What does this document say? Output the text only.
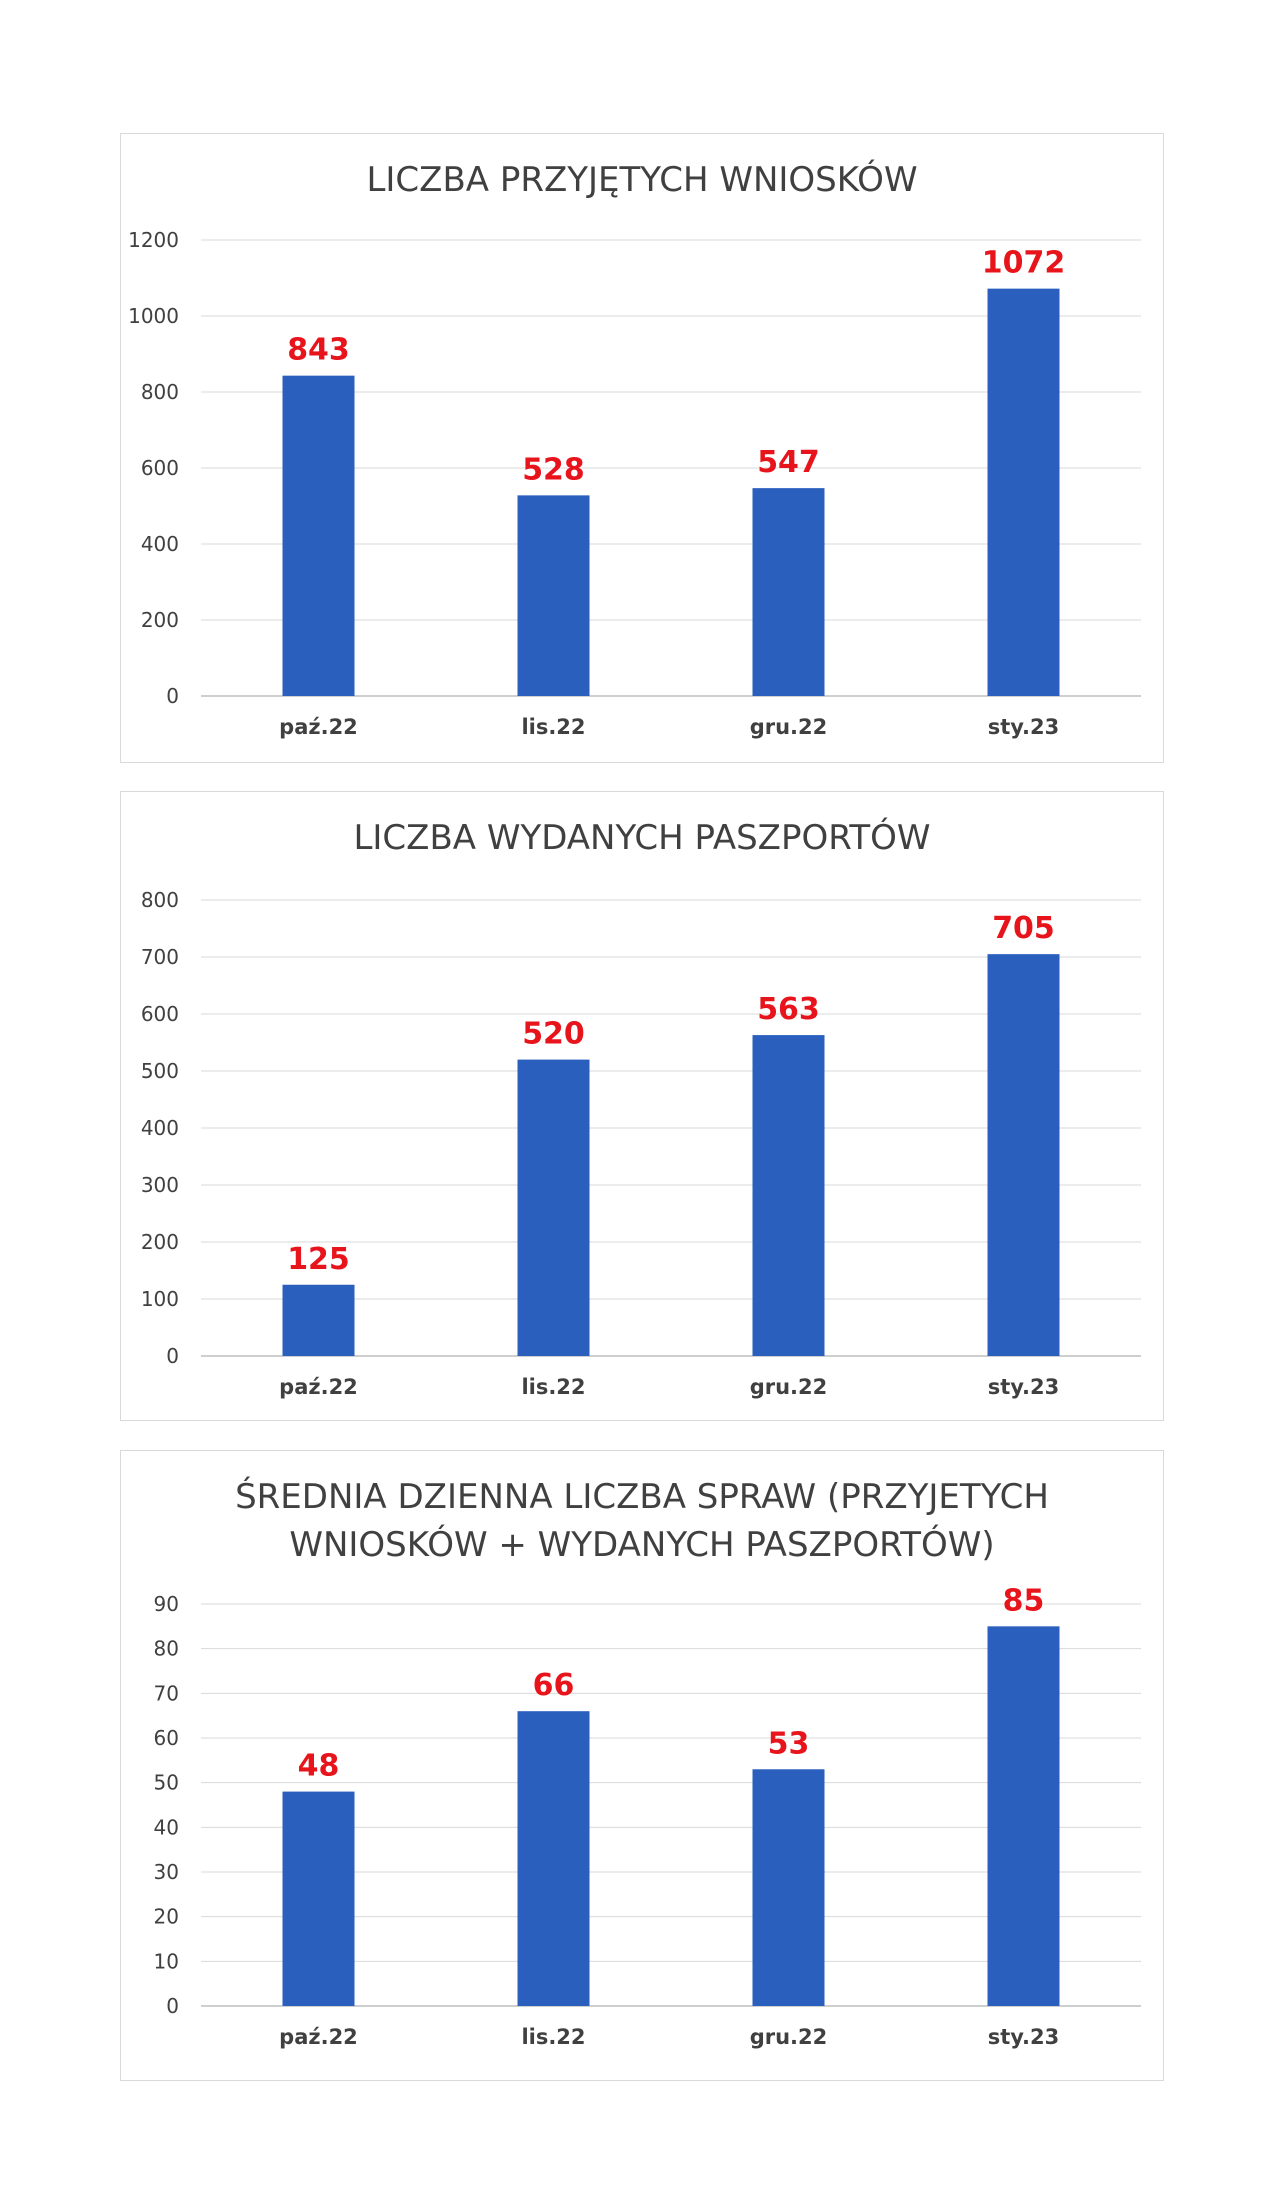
LICZBA PRZYJĘTYCH WNIOSKÓW
0
200
400
600
800
1000
1200
843
paź.22
528
lis.22
547
gru.22
1072
sty.23
LICZBA WYDANYCH PASZPORTÓW
0
100
200
300
400
500
600
700
800
125
paź.22
520
lis.22
563
gru.22
705
sty.23
ŚREDNIA DZIENNA LICZBA SPRAW (PRZYJETYCH
WNIOSKÓW + WYDANYCH PASZPORTÓW)
0
10
20
30
40
50
60
70
80
90
48
paź.22
66
lis.22
53
gru.22
85
sty.23
